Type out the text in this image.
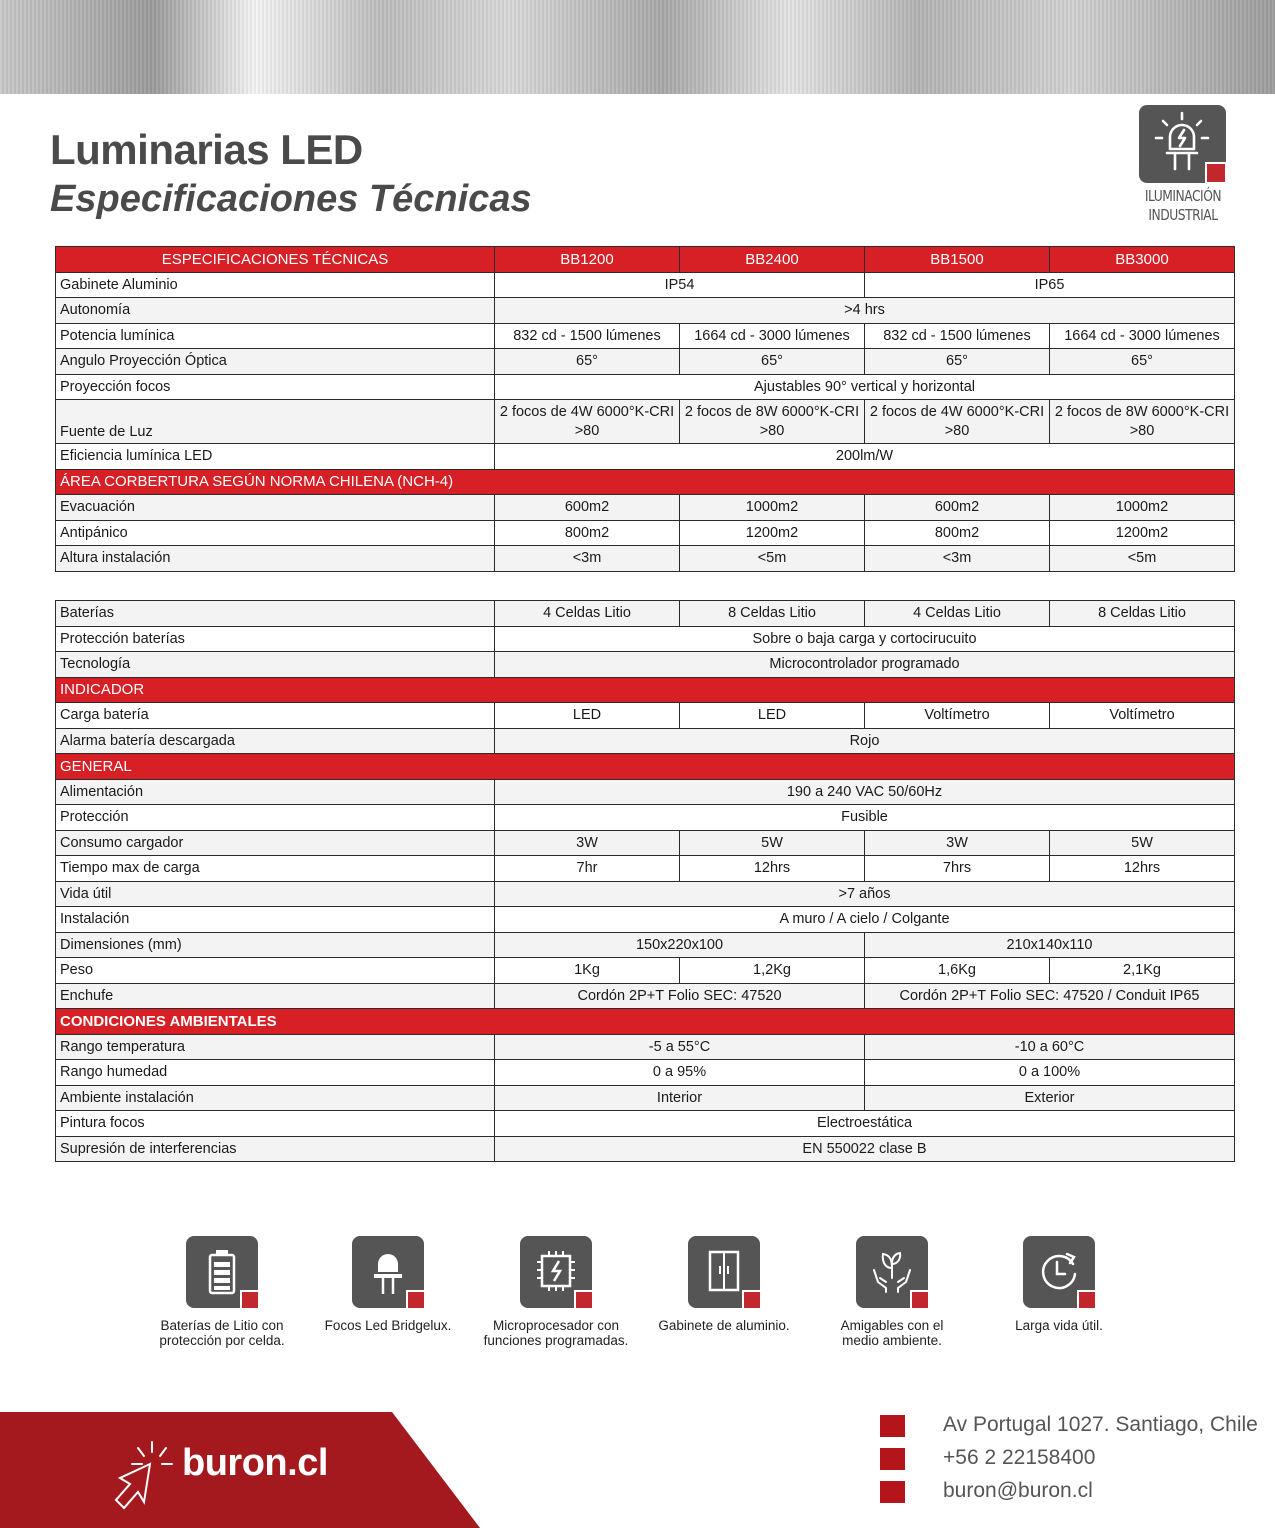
Luminarias LED
Especificaciones Técnicas	ILUMINACIÓN
INDUSTRIAL
ESPECIFICACIONES TÉCNICAS	BB1200	BB2400	BB1500	BB3000
Gabinete Aluminio	IP54		IP65	
Autonomía	>4 hrs			
Potencia lumínica	832 cd - 1500 lúmenes	1664 cd - 3000 lúmenes	832 cd - 1500 lúmenes	1664 cd - 3000 lúmenes
Angulo Proyección Óptica	65°	65°	65°	65°
Proyección focos	Ajustables 90° vertical y horizontal			
Fuente de Luz	2 focos de 4W 6000°K-CRI >80	2 focos de 8W 6000°K-CRI >80	2 focos de 4W 6000°K-CRI >80	2 focos de 8W 6000°K-CRI >80
Eficiencia lumínica LED	200lm/W			
ÁREA CORBERTURA SEGÚN NORMA CHILENA (NCH-4)				
Evacuación	600m2	1000m2	600m2	1000m2
Antipánico	800m2	1200m2	800m2	1200m2
Altura instalación	<3m	<5m	<3m	<5m
Baterías	4 Celdas Litio	8 Celdas Litio	4 Celdas Litio	8 Celdas Litio
Protección baterías	Sobre o baja carga y cortocirucuito			
Tecnología	Microcontrolador programado			
INDICADOR				
Carga batería	LED	LED	Voltímetro	Voltímetro
Alarma batería descargada	Rojo			
GENERAL				
Alimentación	190 a 240 VAC 50/60Hz			
Protección	Fusible			
Consumo cargador	3W	5W	3W	5W
Tiempo max de carga	7hr	12hrs	7hrs	12hrs
Vida útil	>7 años			
Instalación	A muro / A cielo / Colgante			
Dimensiones (mm)	150x220x100		210x140x110	
Peso	1Kg	1,2Kg	1,6Kg	2,1Kg
Enchufe	Cordón 2P+T Folio SEC: 47520		Cordón 2P+T Folio SEC: 47520 / Conduit IP65	
CONDICIONES AMBIENTALES				
Rango temperatura	-5 a 55°C		-10 a 60°C	
Rango humedad	0 a 95%		0 a 100%	
Ambiente instalación	Interior		Exterior	
Pintura focos	Electroestática			
Supresión de interferencias	EN 550022 clase B			
Baterías de Litio con
protección por celda.
Focos Led Bridgelux.	Microprocesador con
funciones programadas.
Gabinete de aluminio.	Amigables con el
medio ambiente.
Larga vida útil.
buron.cl
Av Portugal 1027. Santiago, Chile
+56 2 22158400
buron@buron.cl
